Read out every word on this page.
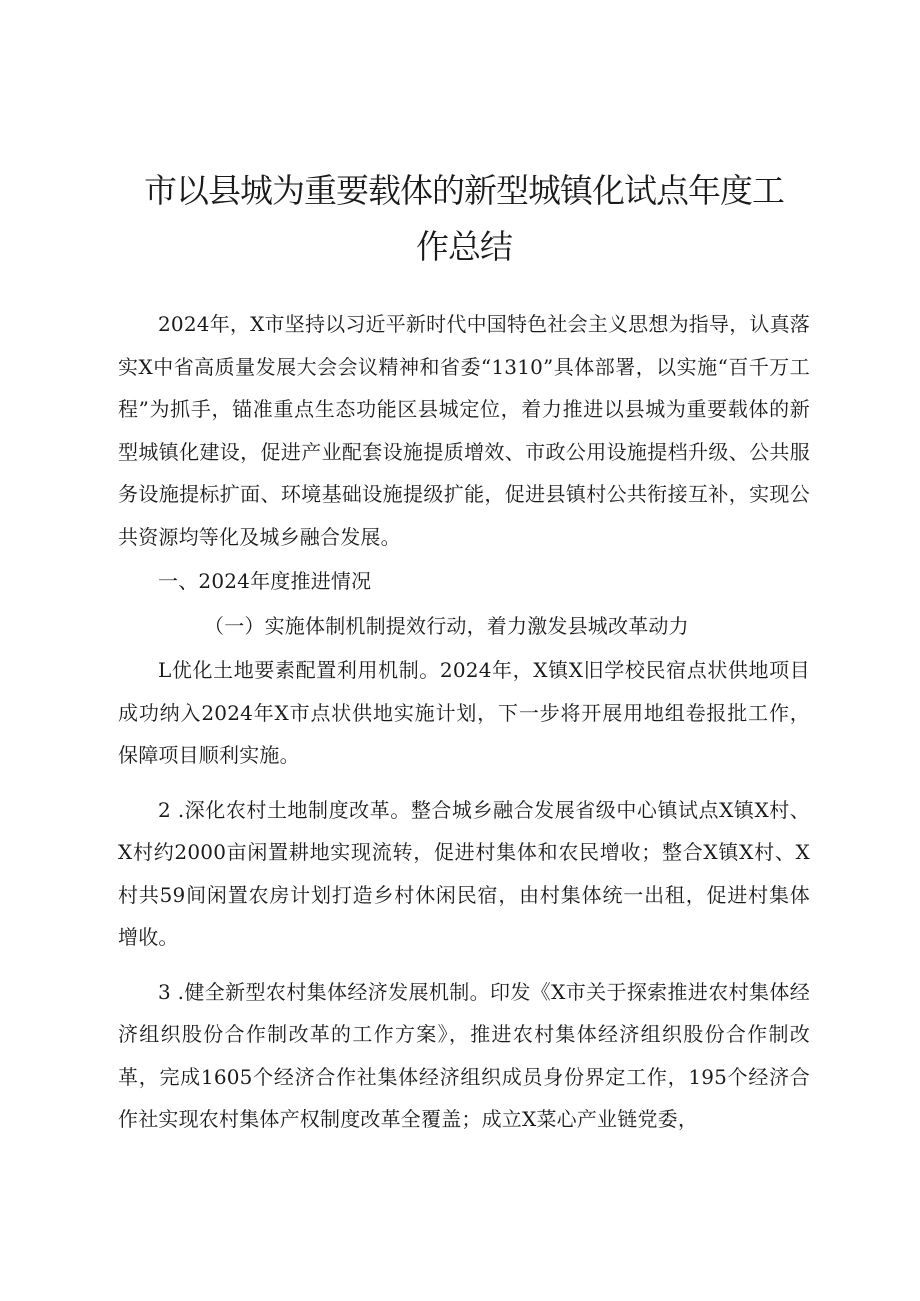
市以县城为重要载体的新型城镇化试点年度工
作总结

2024年，X市坚持以习近平新时代中国特色社会主义思想为指导，认真落实X中省高质量发展大会会议精神和省委“1310”具体部署，以实施“百千万工程”为抓手，锚准重点生态功能区县城定位，着力推进以县城为重要载体的新型城镇化建设，促进产业配套设施提质增效、市政公用设施提档升级、公共服务设施提标扩面、环境基础设施提级扩能，促进县镇村公共衔接互补，实现公共资源均等化及城乡融合发展。

一、2024年度推进情况

（一）实施体制机制提效行动，着力激发县城改革动力

L优化土地要素配置利用机制。2024年，X镇X旧学校民宿点状供地项目成功纳入2024年X市点状供地实施计划，下一步将开展用地组卷报批工作，保障项目顺利实施。

2 .深化农村土地制度改革。整合城乡融合发展省级中心镇试点X镇X村、X村约2000亩闲置耕地实现流转，促进村集体和农民增收；整合X镇X村、X村共59间闲置农房计划打造乡村休闲民宿，由村集体统一出租，促进村集体增收。

3 .健全新型农村集体经济发展机制。印发《X市关于探索推进农村集体经济组织股份合作制改革的工作方案》，推进农村集体经济组织股份合作制改革，完成1605个经济合作社集体经济组织成员身份界定工作，195个经济合作社实现农村集体产权制度改革全覆盖；成立X菜心产业链党委，
